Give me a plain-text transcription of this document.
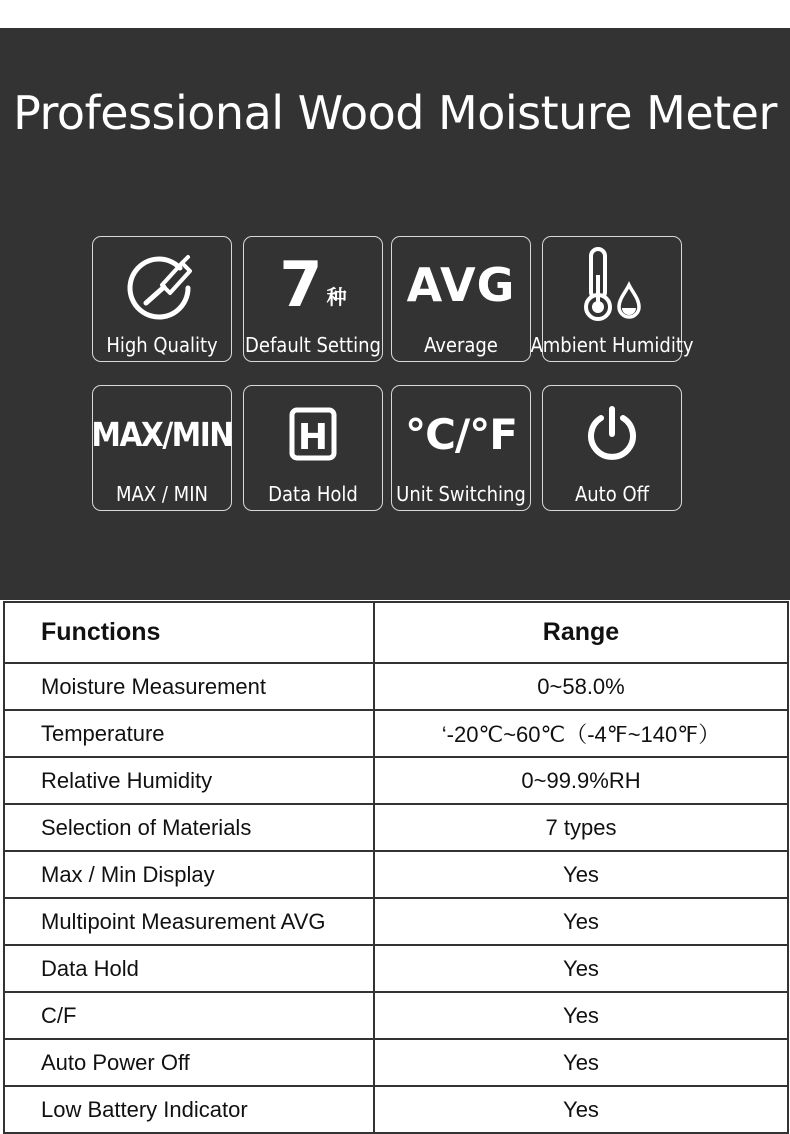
Professional Wood Moisture Meter
High Quality
7 种
Default Setting
AVG
Average	Ambient Humidity
MAX/MIN
MAX / MIN
H
Data Hold
°C/°F
Unit Switching	Auto Off
Functions	Range
Moisture Measurement	0~58.0%
Temperature	‘-20℃~60℃（-4℉~140℉）
Relative Humidity	0~99.9%RH
Selection of Materials	7 types
Max / Min Display	Yes
Multipoint Measurement AVG	Yes
Data Hold	Yes
C/F	Yes
Auto Power Off	Yes
Low Battery Indicator	Yes
